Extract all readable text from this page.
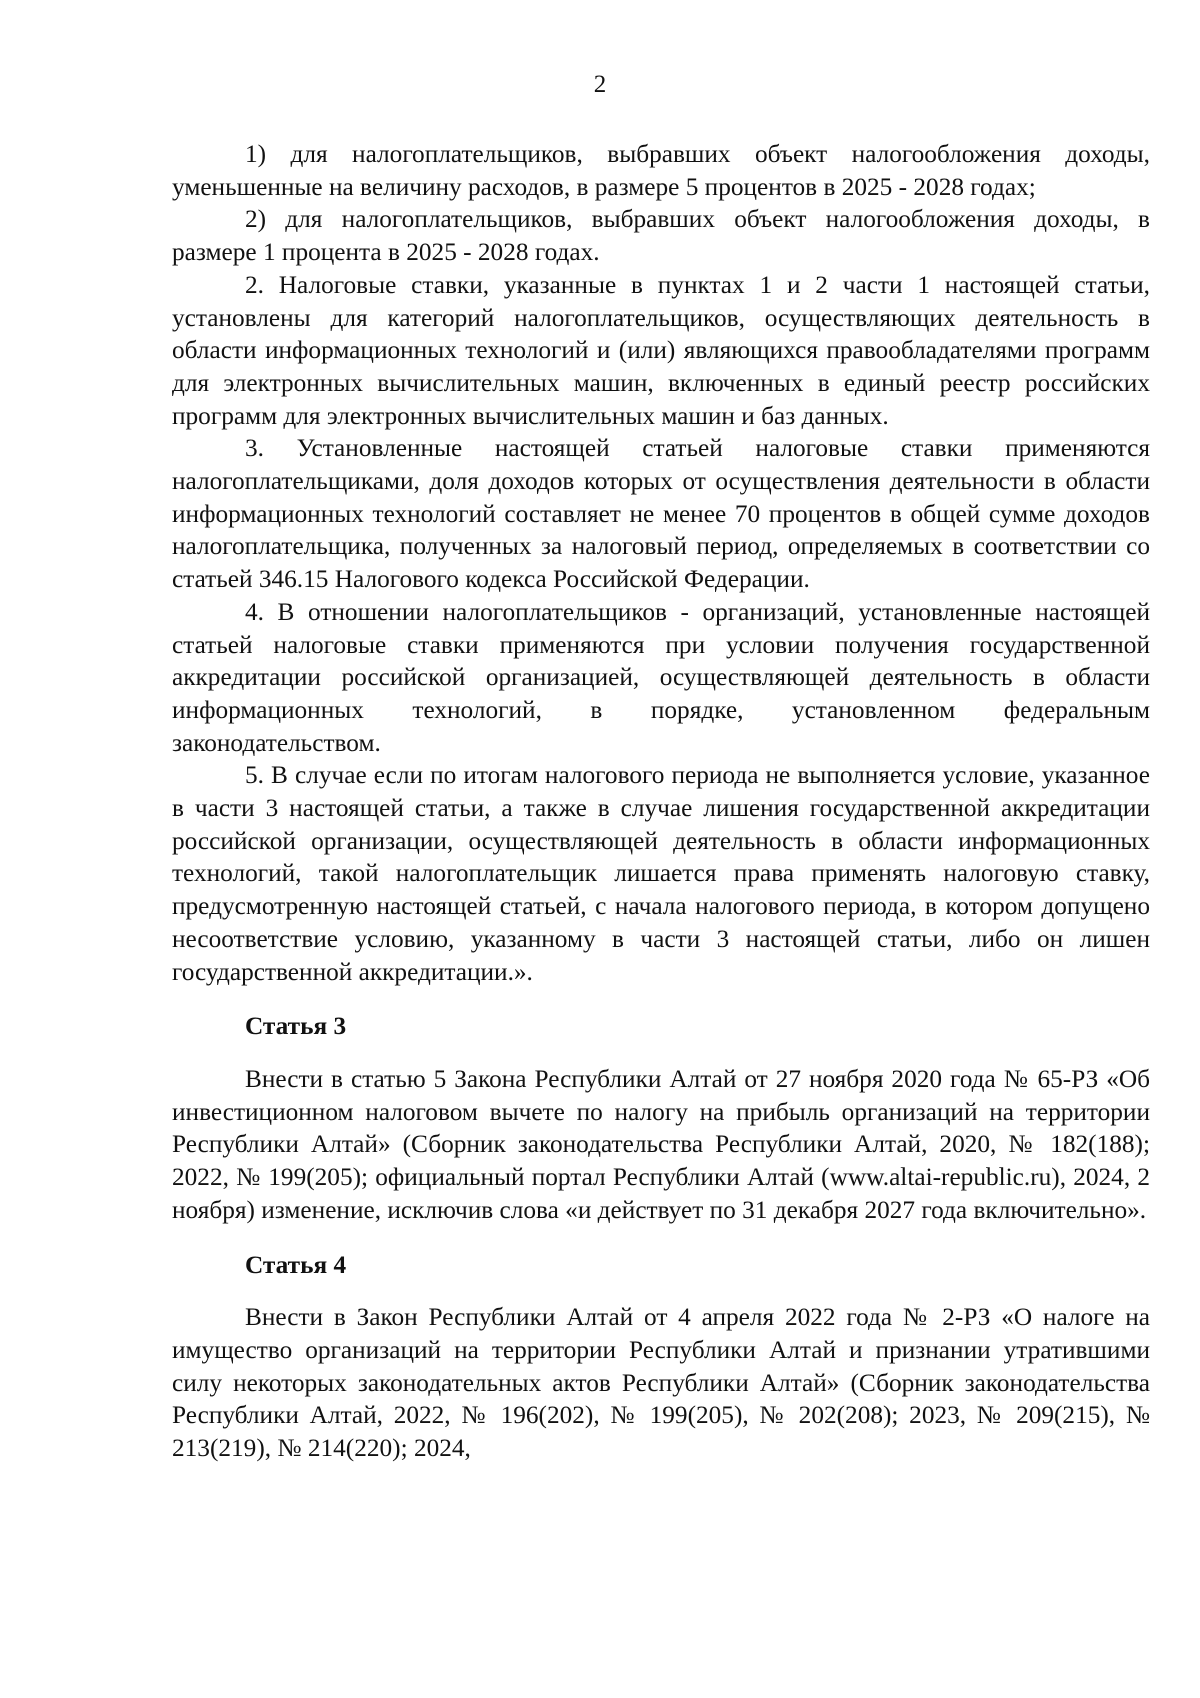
2

1) для налогоплательщиков, выбравших объект налогообложения доходы, уменьшенные на величину расходов, в размере 5 процентов в 2025 - 2028 годах;

2) для налогоплательщиков, выбравших объект налогообложения доходы, в размере 1 процента в 2025 - 2028 годах.

2. Налоговые ставки, указанные в пунктах 1 и 2 части 1 настоящей статьи, установлены для категорий налогоплательщиков, осуществляющих деятельность в области информационных технологий и (или) являющихся правообладателями программ для электронных вычислительных машин, включенных в единый реестр российских программ для электронных вычислительных машин и баз данных.

3. Установленные настоящей статьей налоговые ставки применяются налогоплательщиками, доля доходов которых от осуществления деятельности в области информационных технологий составляет не менее 70 процентов в общей сумме доходов налогоплательщика, полученных за налоговый период, определяемых в соответствии со статьей 346.15 Налогового кодекса Российской Федерации.

4. В отношении налогоплательщиков - организаций, установленные настоящей статьей налоговые ставки применяются при условии получения государственной аккредитации российской организацией, осуществляющей деятельность в области информационных технологий, в порядке, установленном федеральным законодательством.

5. В случае если по итогам налогового периода не выполняется условие, указанное в части 3 настоящей статьи, а также в случае лишения государственной аккредитации российской организации, осуществляющей деятельность в области информационных технологий, такой налогоплательщик лишается права применять налоговую ставку, предусмотренную настоящей статьей, с начала налогового периода, в котором допущено несоответствие условию, указанному в части 3 настоящей статьи, либо он лишен государственной аккредитации.».

Статья 3

Внести в статью 5 Закона Республики Алтай от 27 ноября 2020 года № 65-РЗ «Об инвестиционном налоговом вычете по налогу на прибыль организаций на территории Республики Алтай» (Сборник законодательства Республики Алтай, 2020, № 182(188); 2022, № 199(205); официальный портал Республики Алтай (www.altai-republic.ru), 2024, 2 ноября) изменение, исключив слова «и действует по 31 декабря 2027 года включительно».

Статья 4

Внести в Закон Республики Алтай от 4 апреля 2022 года № 2-РЗ «О налоге на имущество организаций на территории Республики Алтай и признании утратившими силу некоторых законодательных актов Республики Алтай» (Сборник законодательства Республики Алтай, 2022, № 196(202), № 199(205), № 202(208); 2023, № 209(215), № 213(219), № 214(220); 2024,
